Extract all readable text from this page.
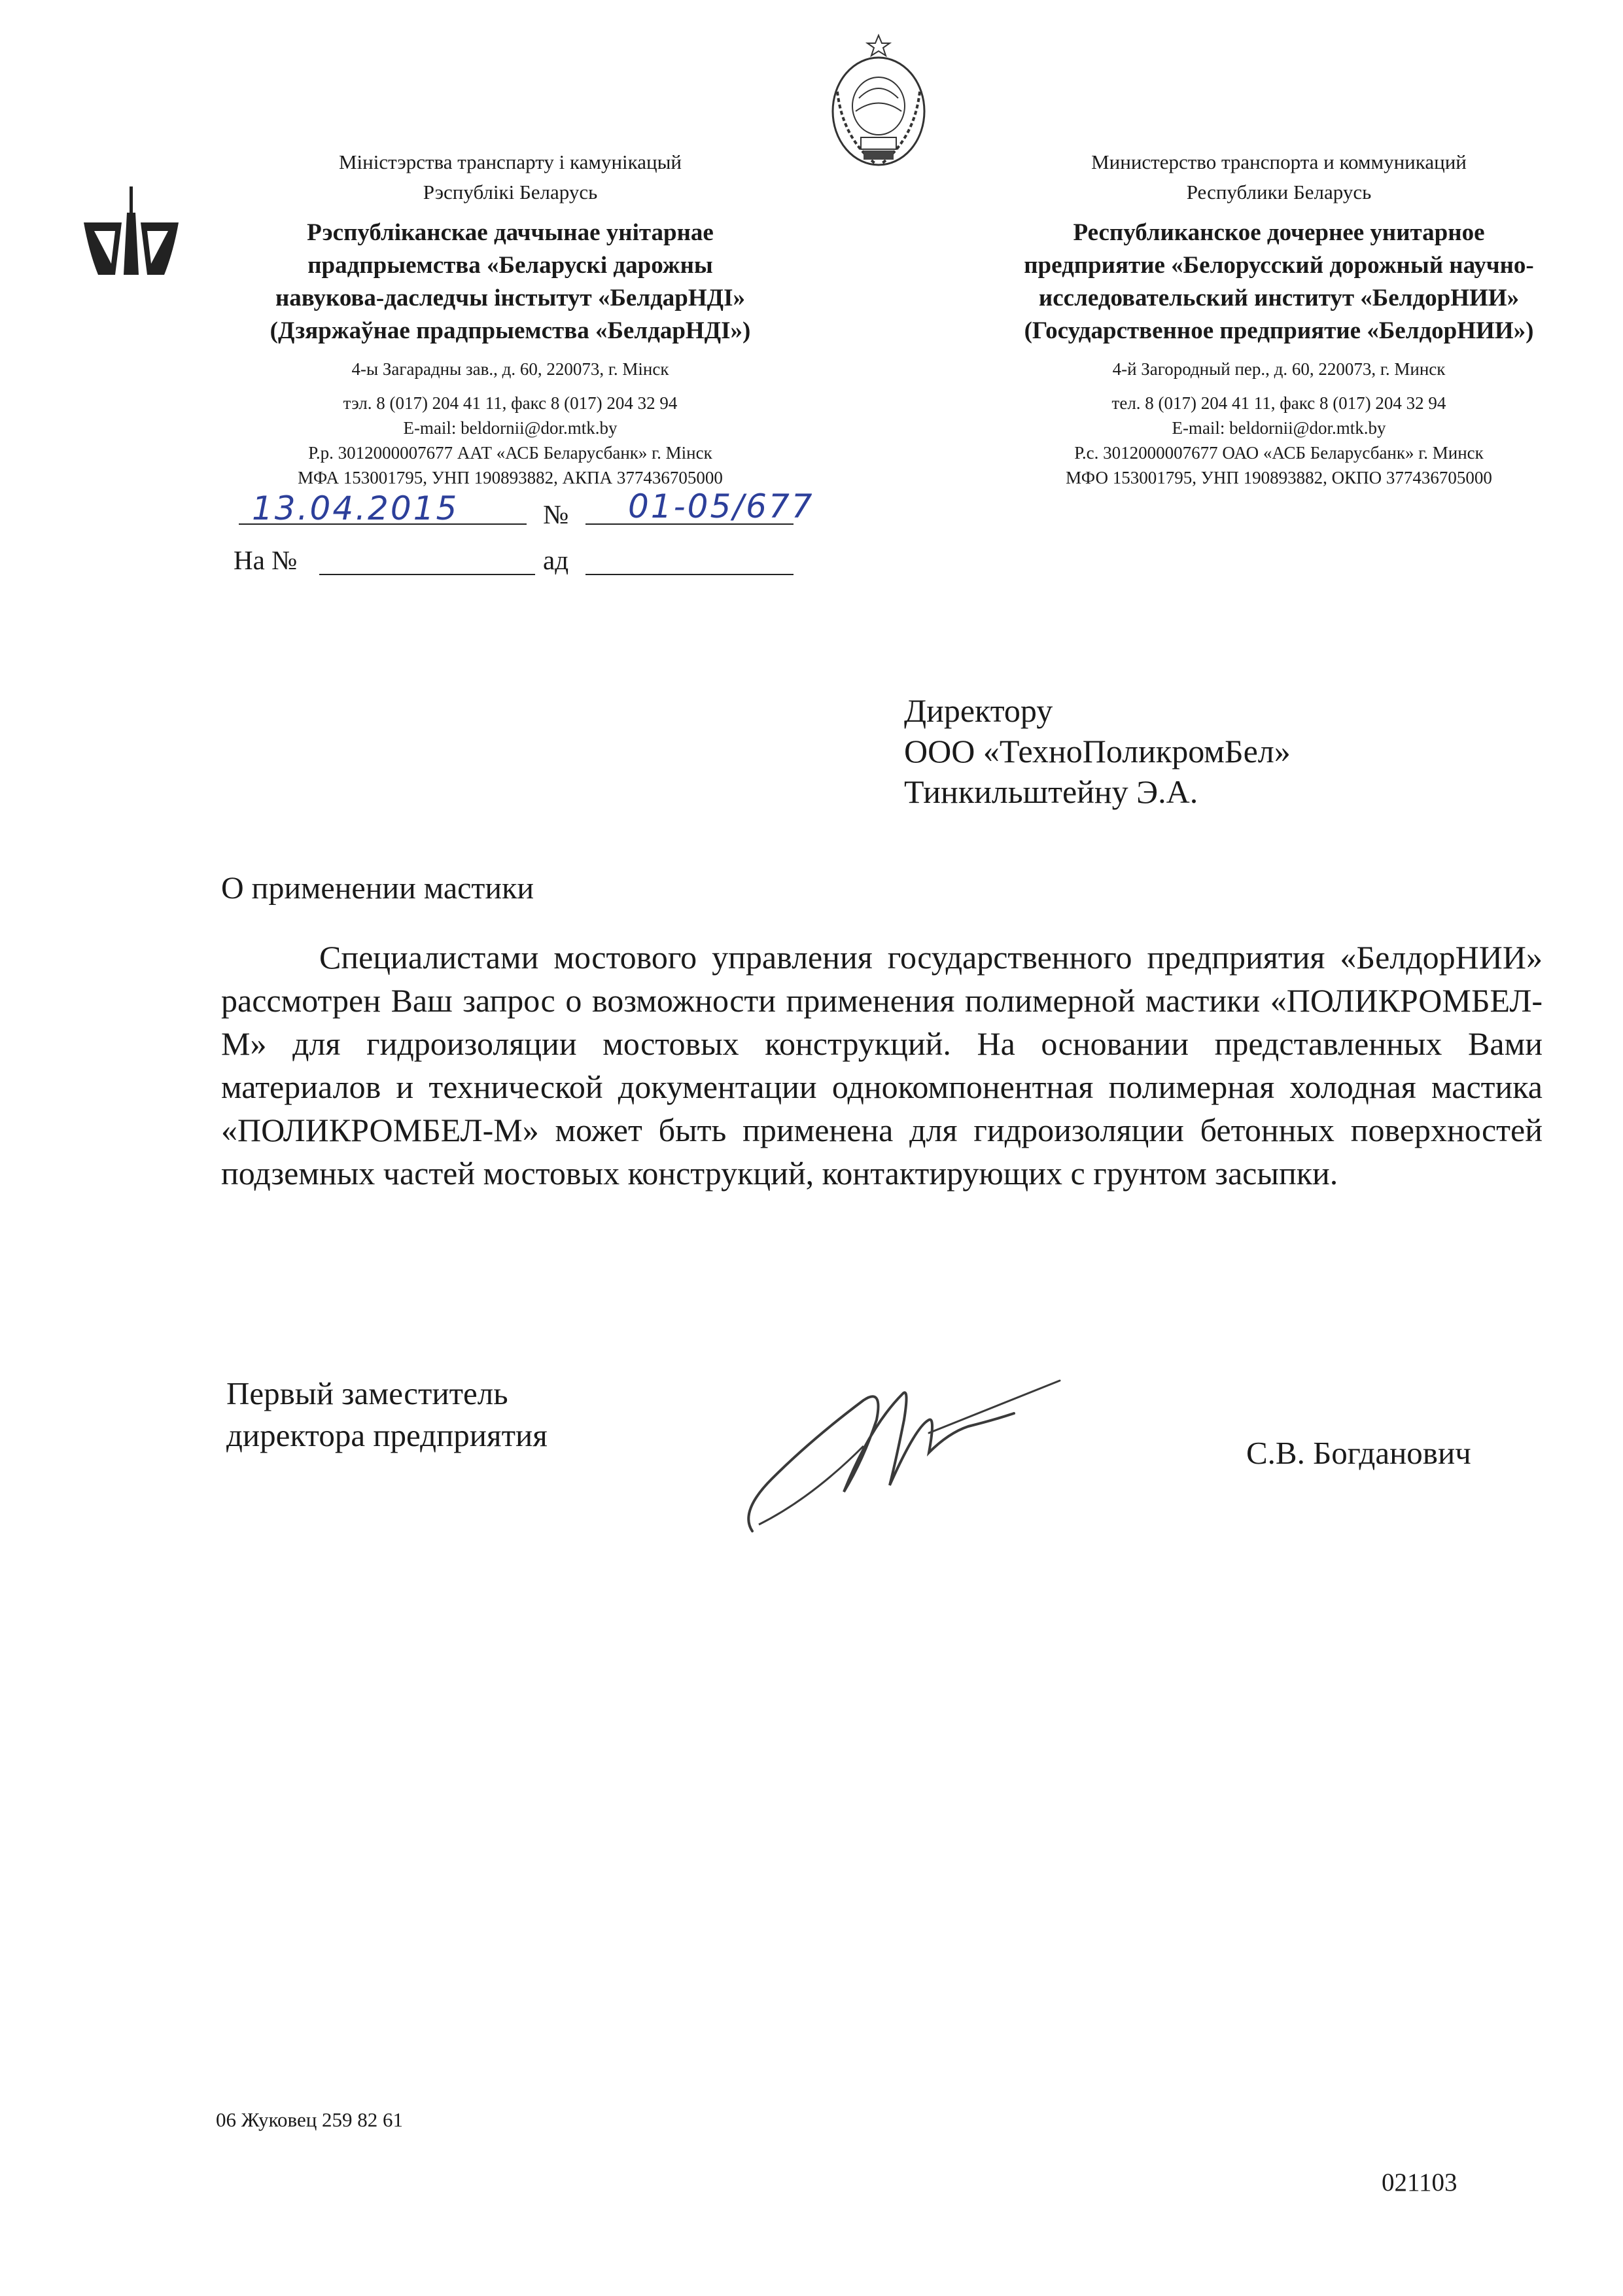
Міністэрства транспарту і камунікацый
Рэспублікі Беларусь
Рэспубліканскае даччынае унітарнае
прадпрыемства «Беларускі дарожны
навукова-даследчы інстытут «БелдарНДІ»
(Дзяржаўнае прадпрыемства «БелдарНДІ»)
4-ы Загарадны зав., д. 60, 220073, г. Мінск
тэл. 8 (017) 204 41 11, факс 8 (017) 204 32 94
E-mail: beldornii@dor.mtk.by
Р.р. 3012000007677 ААТ «АСБ Беларусбанк» г. Мінск
МФА 153001795, УНП 190893882, АКПА 377436705000
Министерство транспорта и коммуникаций
Республики Беларусь
Республиканское дочернее унитарное
предприятие «Белорусский дорожный научно-
исследовательский институт «БелдорНИИ»
(Государственное предприятие «БелдорНИИ»)
4-й Загородный пер., д. 60, 220073, г. Минск
тел. 8 (017) 204 41 11, факс 8 (017) 204 32 94
E-mail: beldornii@dor.mtk.by
Р.с. 3012000007677 ОАО «АСБ Беларусбанк» г. Минск
МФО 153001795, УНП 190893882, ОКПО 377436705000
13.04.2015	№ 01-05/677
На №	ад
Директору
ООО «ТехноПоликромБел»
Тинкильштейну Э.А.
О применении мастики
Специалистами мостового управления государственного предприятия «БелдорНИИ» рассмотрен Ваш запрос о возможности применения полимерной мастики «ПОЛИКРОМБЕЛ-М» для гидроизоляции мостовых конструкций. На основании представленных Вами материалов и технической документации однокомпонентная полимерная холодная мастика «ПОЛИКРОМБЕЛ-М» может быть применена для гидроизоляции бетонных поверхностей подземных частей мостовых конструкций, контактирующих с грунтом засыпки.
Первый заместитель
директора предприятия	С.В. Богданович
06 Жуковец 259 82 61
021103
